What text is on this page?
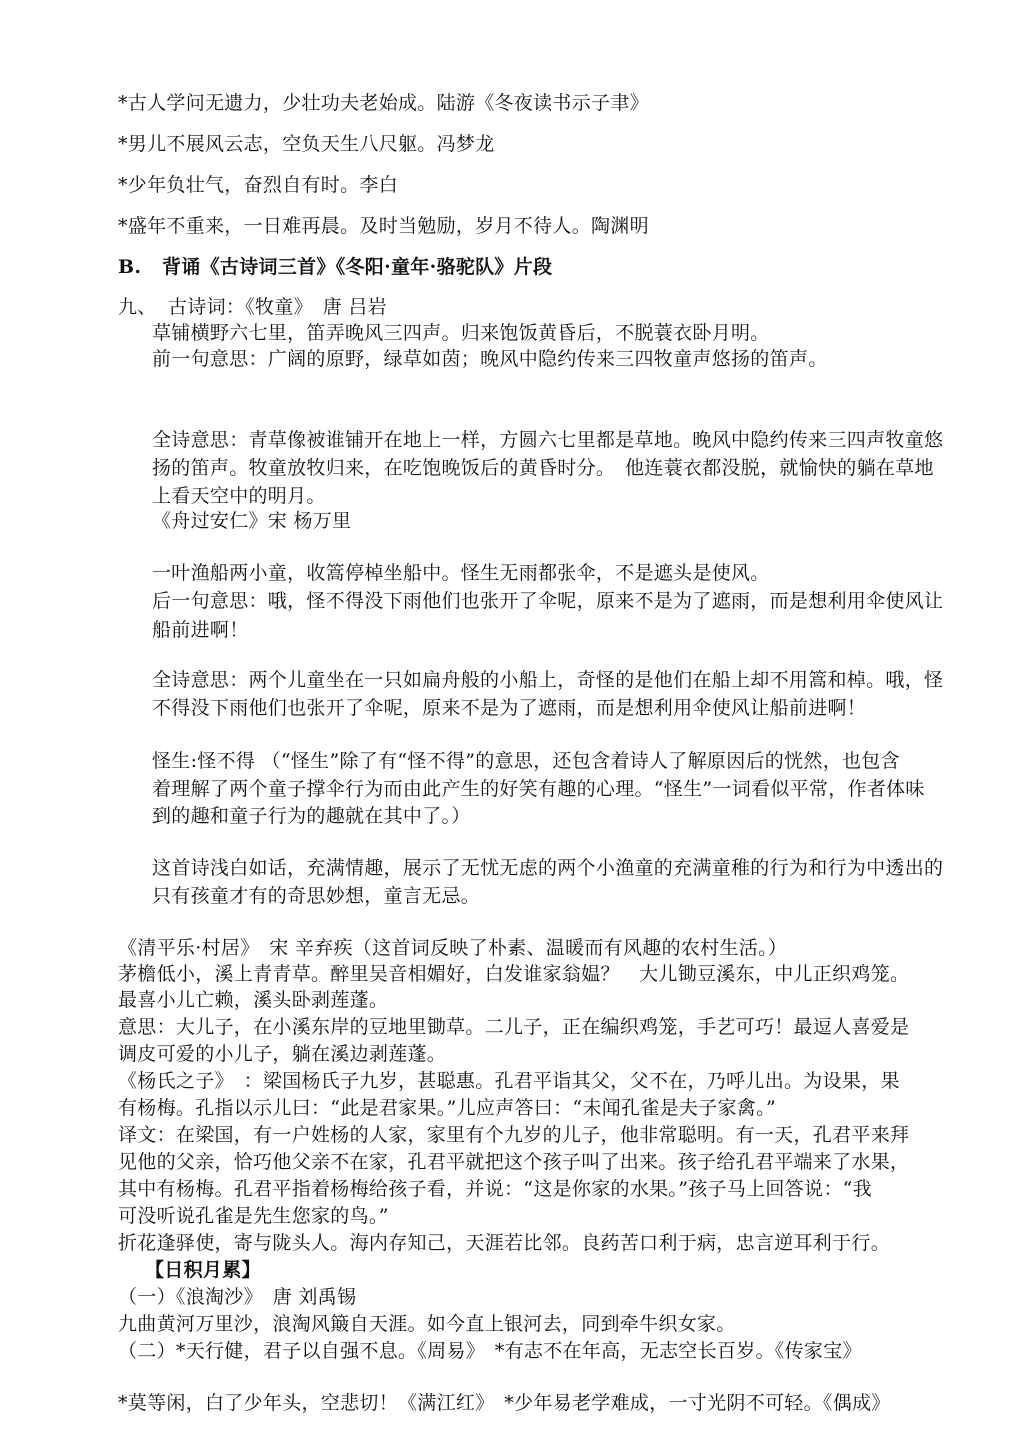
*古人学问无遗力，少壮功夫老始成。陆游《冬夜读书示子聿》
*男儿不展风云志，空负天生八尺躯。冯梦龙
*少年负壮气，奋烈自有时。李白
*盛年不重来，一日难再晨。及时当勉励，岁月不待人。陶渊明
B. 背诵《古诗词三首》《冬阳·童年·骆驼队》片段
九、 古诗词：《牧童》　唐 吕岩
草铺横野六七里，笛弄晚风三四声。归来饱饭黄昏后，不脱蓑衣卧月明。
前一句意思：广阔的原野，绿草如茵；晚风中隐约传来三四牧童声悠扬的笛声。
全诗意思：青草像被谁铺开在地上一样，方圆六七里都是草地。晚风中隐约传来三四声牧童悠
扬的笛声。牧童放牧归来，在吃饱晚饭后的黄昏时分。　他连蓑衣都没脱，就愉快的躺在草地
上看天空中的明月。
《舟过安仁》宋 杨万里
一叶渔船两小童，收篙停棹坐船中。怪生无雨都张伞，不是遮头是使风。
后一句意思：哦，怪不得没下雨他们也张开了伞呢，原来不是为了遮雨，而是想利用伞使风让
船前进啊！
全诗意思：两个儿童坐在一只如扁舟般的小船上，奇怪的是他们在船上却不用篙和棹。哦，怪
不得没下雨他们也张开了伞呢，原来不是为了遮雨，而是想利用伞使风让船前进啊！
怪生:怪不得 （“怪生”除了有“怪不得”的意思，还包含着诗人了解原因后的恍然，也包含
着理解了两个童子撑伞行为而由此产生的好笑有趣的心理。“怪生”一词看似平常，作者体味
到的趣和童子行为的趣就在其中了。）
这首诗浅白如话，充满情趣，展示了无忧无虑的两个小渔童的充满童稚的行为和行为中透出的
只有孩童才有的奇思妙想，童言无忌。
《清平乐·村居》　宋 辛弃疾（这首词反映了朴素、温暖而有风趣的农村生活。）
茅檐低小，溪上青青草。醉里吴音相媚好，白发谁家翁媪？　大儿锄豆溪东，中儿正织鸡笼。
最喜小儿亡赖，溪头卧剥莲蓬。
意思：大儿子，在小溪东岸的豆地里锄草。二儿子，正在编织鸡笼，手艺可巧！最逗人喜爱是
调皮可爱的小儿子，躺在溪边剥莲蓬。
《杨氏之子》　：梁国杨氏子九岁，甚聪惠。孔君平诣其父，父不在，乃呼儿出。为设果，果
有杨梅。孔指以示儿曰：“此是君家果。”儿应声答曰：“未闻孔雀是夫子家禽。”
译文：在梁国，有一户姓杨的人家，家里有个九岁的儿子，他非常聪明。有一天，孔君平来拜
见他的父亲，恰巧他父亲不在家，孔君平就把这个孩子叫了出来。孩子给孔君平端来了水果，
其中有杨梅。孔君平指着杨梅给孩子看，并说：“这是你家的水果。”孩子马上回答说：“我
可没听说孔雀是先生您家的鸟。”
折花逢驿使，寄与陇头人。海内存知己，天涯若比邻。良药苦口利于病，忠言逆耳利于行。
【日积月累】
（一）《浪淘沙》　唐 刘禹锡
九曲黄河万里沙，浪淘风簸自天涯。如今直上银河去，同到牵牛织女家。
（二）*天行健，君子以自强不息。《周易》　*有志不在年高，无志空长百岁。《传家宝》
*莫等闲，白了少年头，空悲切！《满江红》　*少年易老学难成，一寸光阴不可轻。《偶成》
